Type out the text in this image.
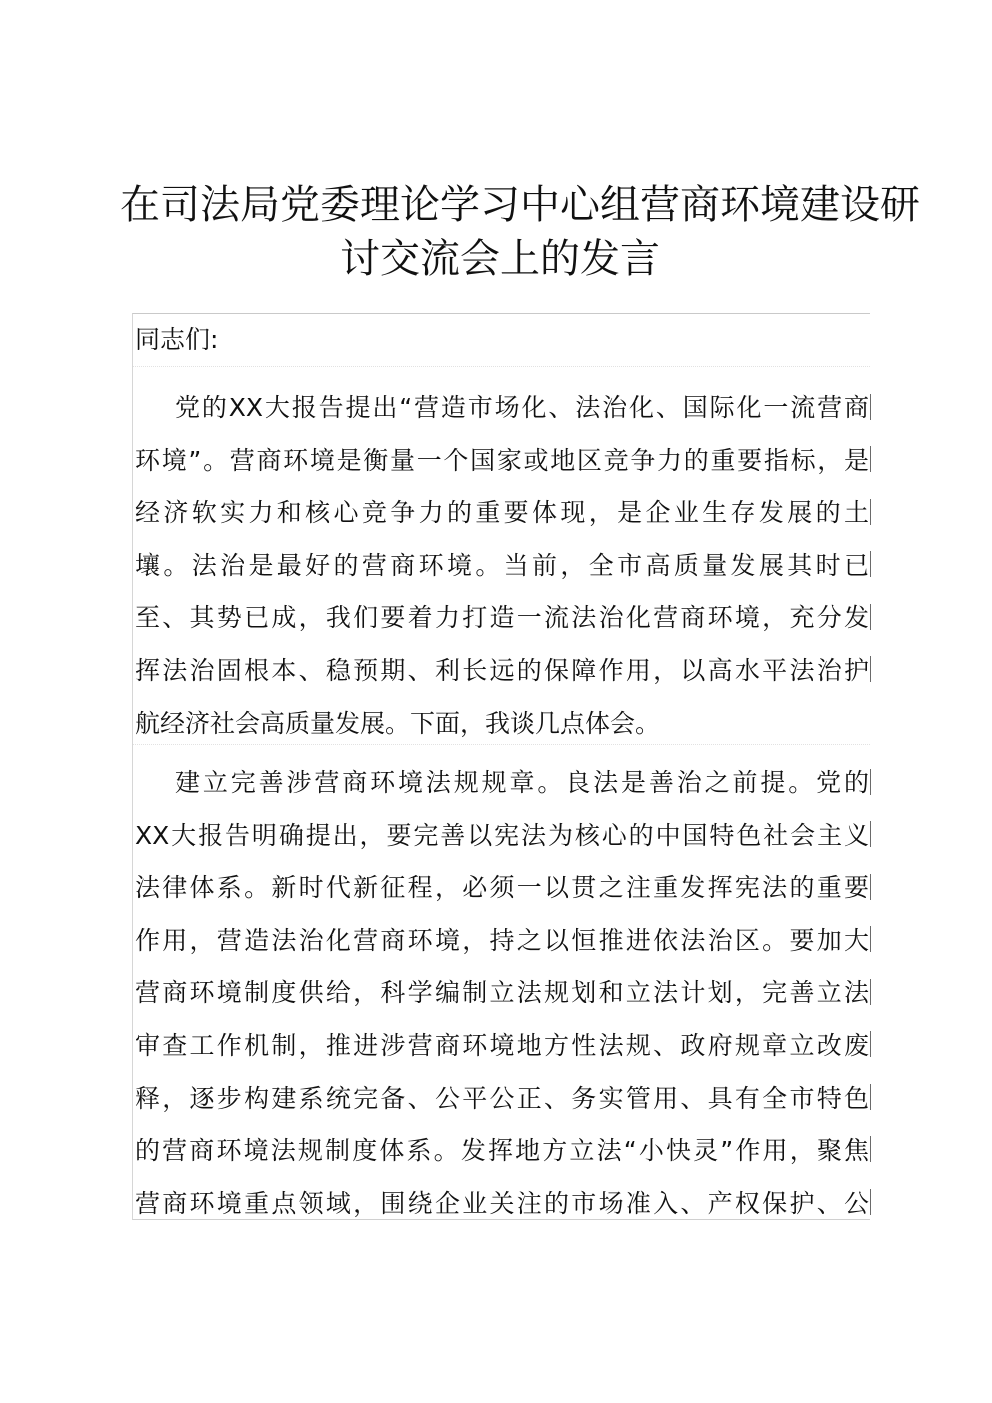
在司法局党委理论学习中心组营商环境建设研
讨交流会上的发言
同志们:
党的XX大报告提出“营造市场化、法治化、国际化一流营商
环境”。营商环境是衡量一个国家或地区竞争力的重要指标，是
经济软实力和核心竞争力的重要体现，是企业生存发展的土
壤。法治是最好的营商环境。当前，全市高质量发展其时已
至、其势已成，我们要着力打造一流法治化营商环境，充分发
挥法治固根本、稳预期、利长远的保障作用，以高水平法治护
航经济社会高质量发展。下面，我谈几点体会。
建立完善涉营商环境法规规章。良法是善治之前提。党的
XX大报告明确提出，要完善以宪法为核心的中国特色社会主义
法律体系。新时代新征程，必须一以贯之注重发挥宪法的重要
作用，营造法治化营商环境，持之以恒推进依法治区。要加大
营商环境制度供给，科学编制立法规划和立法计划，完善立法
审查工作机制，推进涉营商环境地方性法规、政府规章立改废
释，逐步构建系统完备、公平公正、务实管用、具有全市特色
的营商环境法规制度体系。发挥地方立法“小快灵”作用，聚焦
营商环境重点领域，围绕企业关注的市场准入、产权保护、公
